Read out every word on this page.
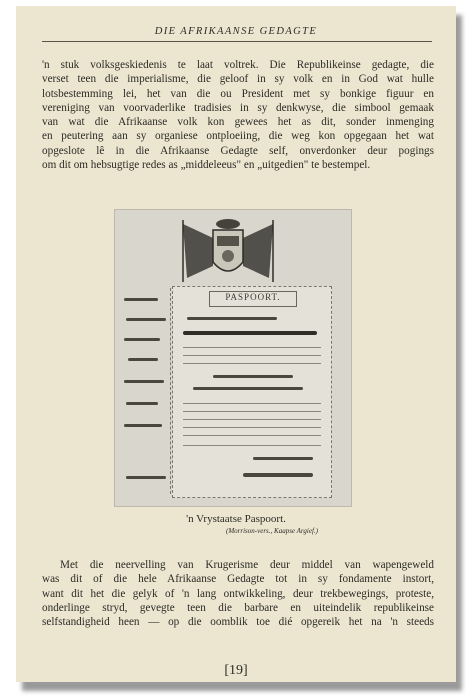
DIE AFRIKAANSE GEDAGTE
'n stuk volksgeskiedenis te laat voltrek. Die Republikeinse gedagte, die
verset teen die imperialisme, die geloof in sy volk en in God wat hulle
lotsbestemming lei, het van die ou President met sy bonkige figuur en
vereniging van voorvaderlike tradisies in sy denkwyse, die simbool gemaak
van wat die Afrikaanse volk kon gewees het as dit, sonder inmenging
en peutering aan sy organiese ontploeiing, die weg kon opgegaan het wat
opgeslote lê in die Afrikaanse Gedagte self, onverdonker deur pogings
om dit om hebsugtige redes as „middeleeus" en „uitgedien" te bestempel.
PASPOORT.
'n Vrystaatse Paspoort.
(Morrison-vers., Kaapse Argief.)
Met die neervelling van Krugerisme deur middel van wapengeweld
was dit of die hele Afrikaanse Gedagte tot in sy fondamente instort,
want dit het die gelyk of 'n lang ontwikkeling, deur trekbewegings, proteste,
onderlinge stryd, gevegte teen die barbare en uiteindelik republikeinse
selfstandigheid heen — op die oomblik toe dié opgereik het na 'n steeds
[19]
